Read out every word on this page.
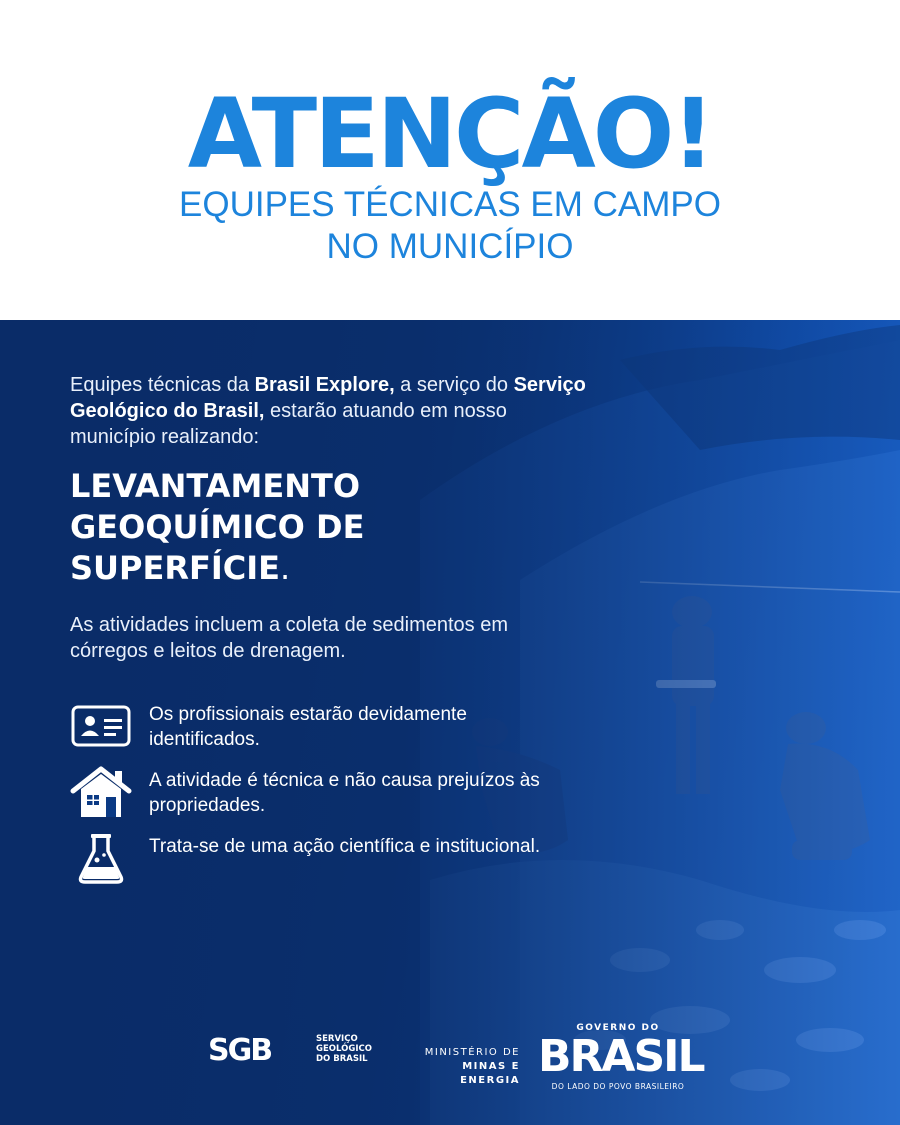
ATENÇÃO!
EQUIPES TÉCNICAS EM CAMPO
NO MUNICÍPIO
Equipes técnicas da Brasil Explore, a serviço do Serviço Geológico do Brasil, estarão atuando em nosso município realizando:
LEVANTAMENTO
GEOQUÍMICO DE
SUPERFÍCIE.
As atividades incluem a coleta de sedimentos em córregos e leitos de drenagem.
Os profissionais estarão devidamente identificados.
A atividade é técnica e não causa prejuízos às propriedades.
Trata-se de uma ação científica e institucional.
SGB	SERVIÇO
GEOLÓGICO
DO BRASIL
MINISTÉRIO DE
MINAS E ENERGIA
GOVERNO DO
BRASIL
DO LADO DO POVO BRASILEIRO
